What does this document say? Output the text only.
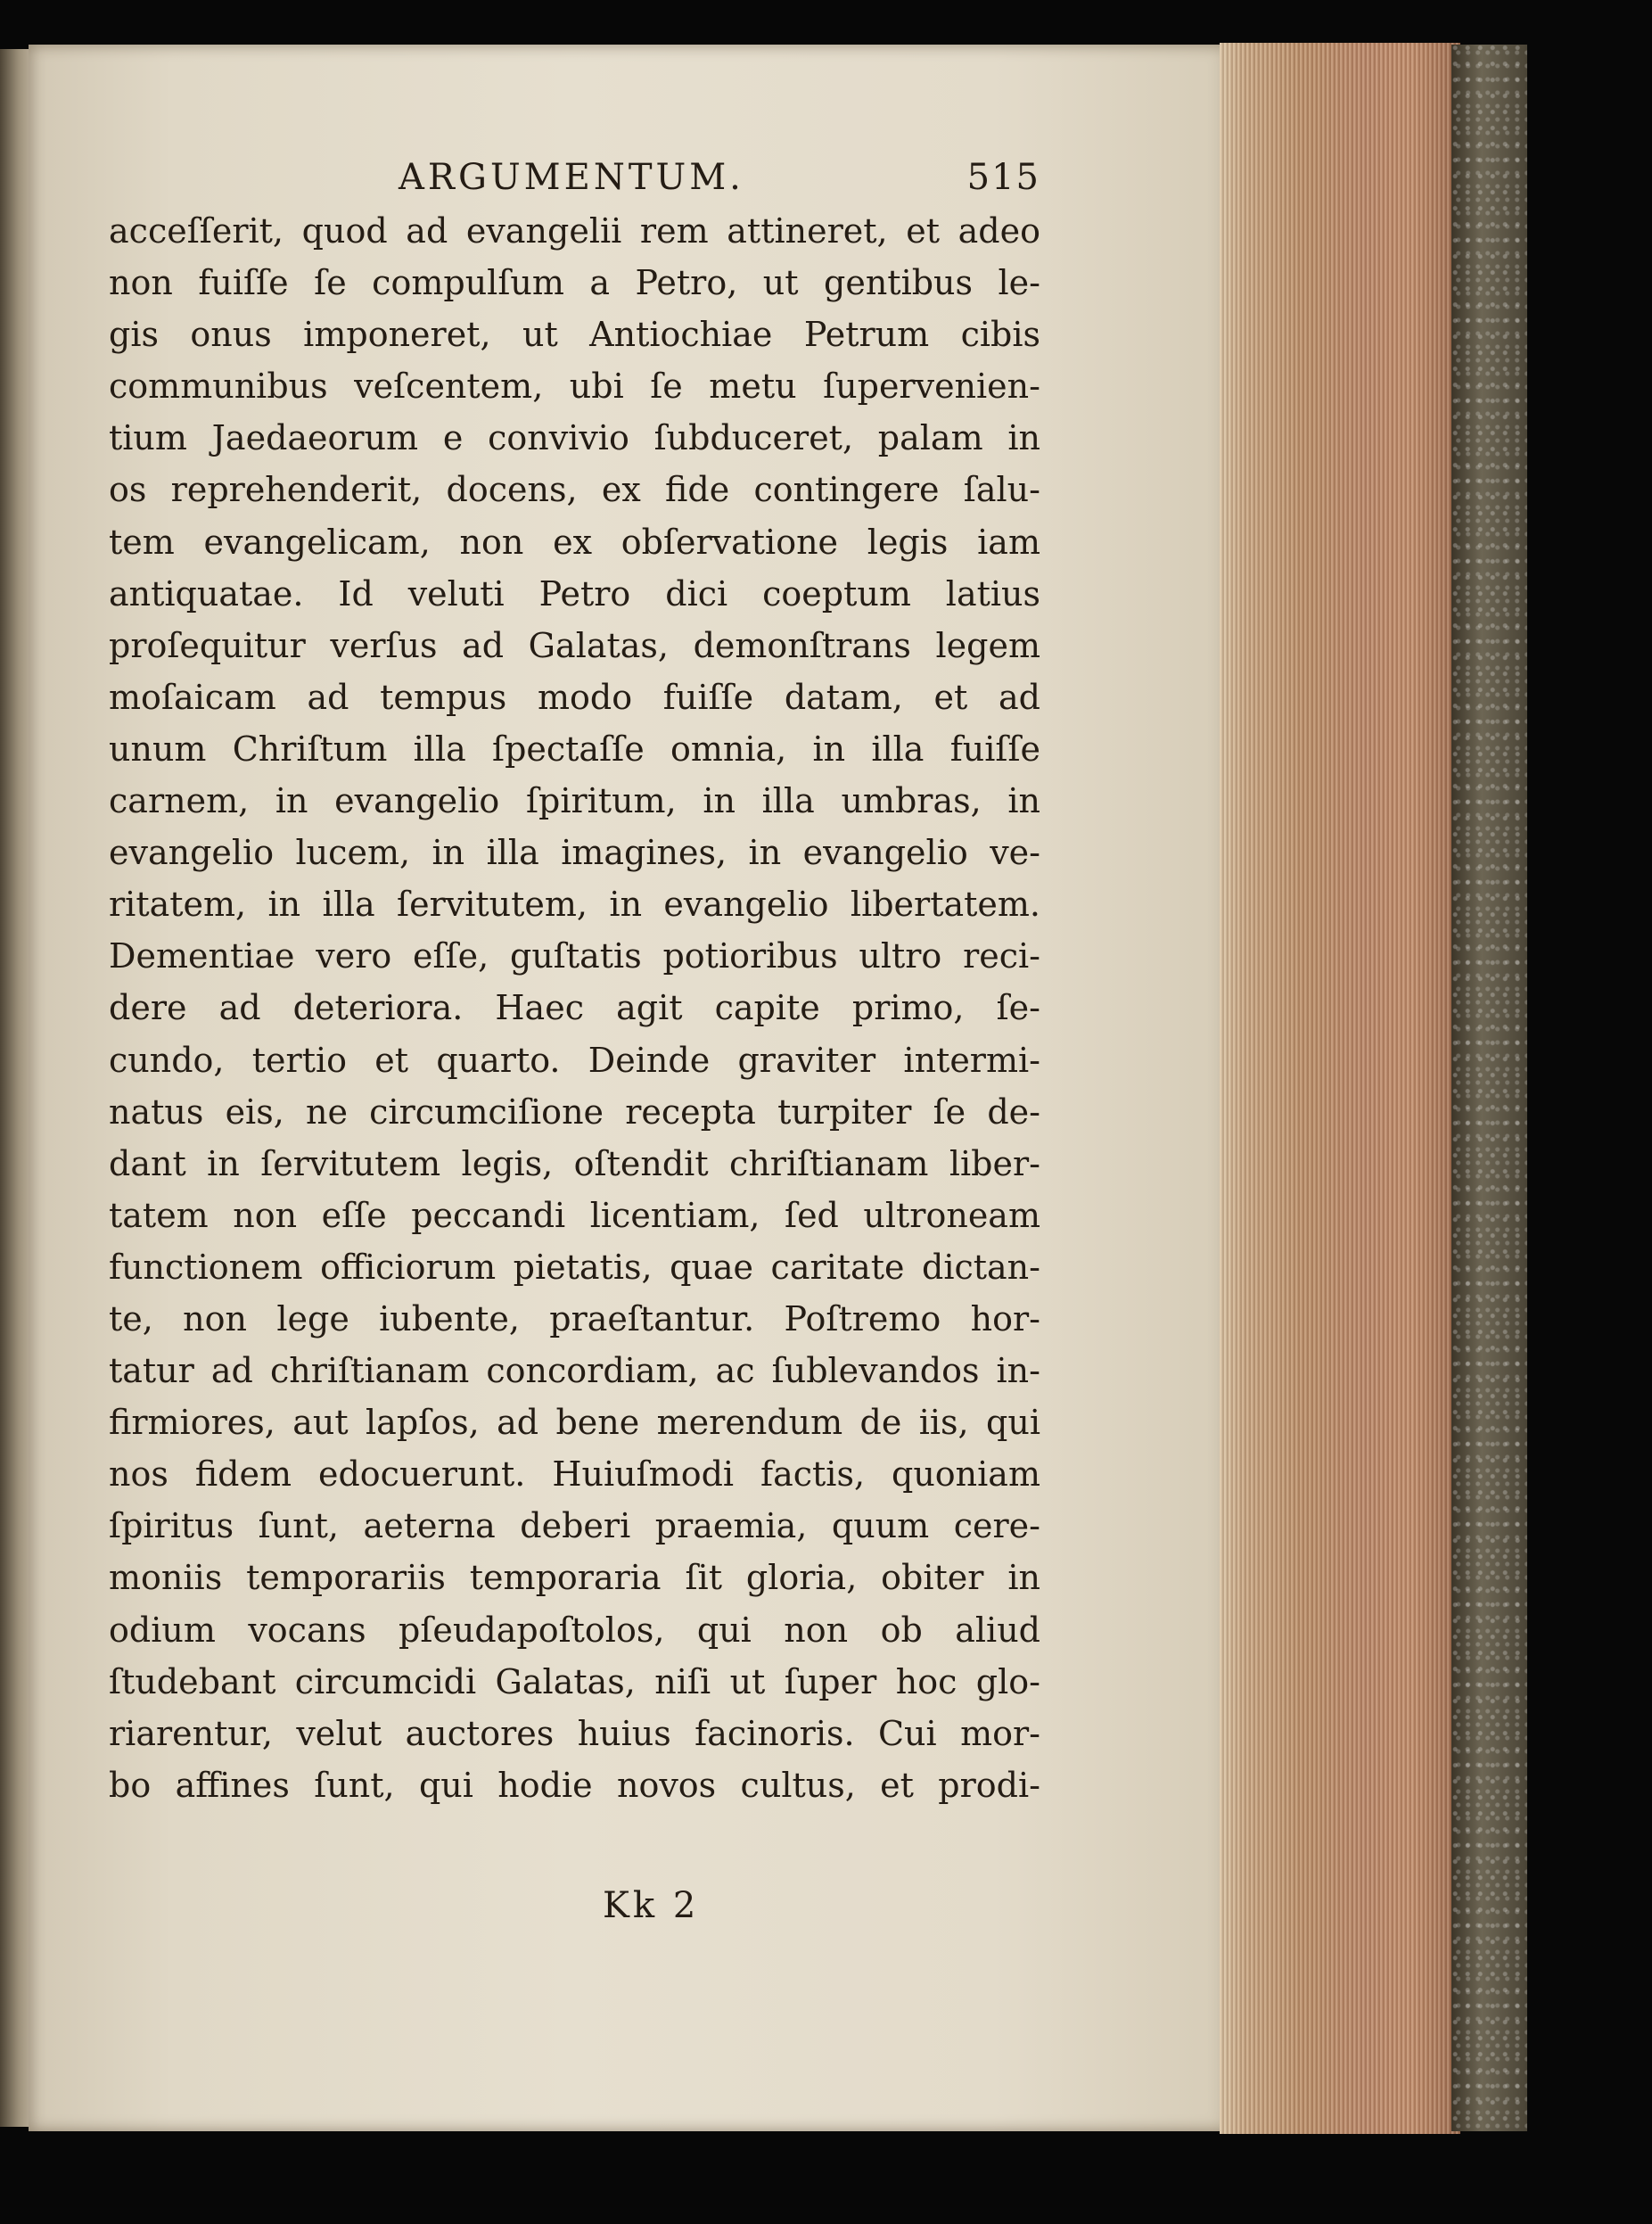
ARGUMENTUM.	515
acceſſerit, quod ad evangelii rem attineret, et adeo
non fuiſſe ſe compulſum a Petro, ut gentibus le-
gis onus imponeret, ut Antiochiae Petrum cibis
communibus veſcentem, ubi ſe metu ſupervenien-
tium Jaedaeorum e convivio ſubduceret, palam in
os reprehenderit, docens, ex fide contingere ſalu-
tem evangelicam, non ex obſervatione legis iam
antiquatae. Id veluti Petro dici coeptum latius
proſequitur verſus ad Galatas, demonſtrans legem
moſaicam ad tempus modo fuiſſe datam, et ad
unum Chriſtum illa ſpectaſſe omnia, in illa fuiſſe
carnem, in evangelio ſpiritum, in illa umbras, in
evangelio lucem, in illa imagines, in evangelio ve-
ritatem, in illa ſervitutem, in evangelio libertatem.
Dementiae vero eſſe, guſtatis potioribus ultro reci-
dere ad deteriora. Haec agit capite primo, ſe-
cundo, tertio et quarto. Deinde graviter intermi-
natus eis, ne circumciſione recepta turpiter ſe de-
dant in ſervitutem legis, oſtendit chriſtianam liber-
tatem non eſſe peccandi licentiam, ſed ultroneam
functionem officiorum pietatis, quae caritate dictan-
te, non lege iubente, praeſtantur. Poſtremo hor-
tatur ad chriſtianam concordiam, ac ſublevandos in-
firmiores, aut lapſos, ad bene merendum de iis, qui
nos fidem edocuerunt. Huiuſmodi factis, quoniam
ſpiritus ſunt, aeterna deberi praemia, quum cere-
moniis temporariis temporaria ſit gloria, obiter in
odium vocans pſeudapoſtolos, qui non ob aliud
ſtudebant circumcidi Galatas, niſi ut ſuper hoc glo-
riarentur, velut auctores huius facinoris. Cui mor-
bo affines ſunt, qui hodie novos cultus, et prodi-
Kk 2
